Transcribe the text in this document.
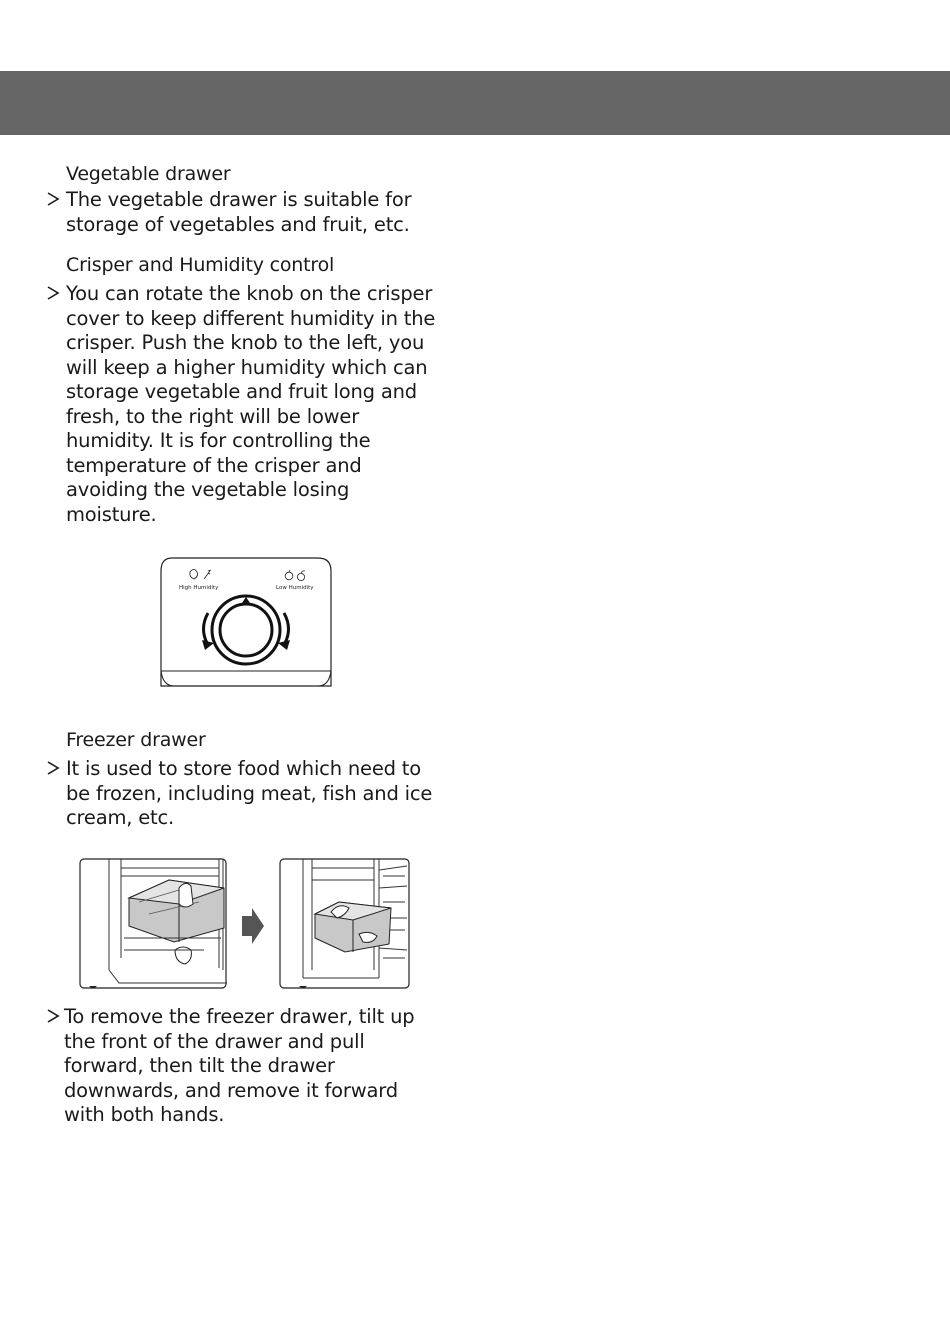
Vegetable drawer

The vegetable drawer is suitable for
storage of vegetables and fruit, etc.

Crisper and Humidity control

You can rotate the knob on the crisper
cover to keep different humidity in the
crisper. Push the knob to the left, you
will keep a higher humidity which can
storage vegetable and fruit long and
fresh, to the right will be lower
humidity. It is for controlling the
temperature of the crisper and
avoiding the vegetable losing
moisture.

High Humidity	Low Humidity
Freezer drawer

It is used to store food which need to
be frozen, including meat, fish and ice
cream, etc.

To remove the freezer drawer, tilt up
the front of the drawer and pull
forward, then tilt the drawer
downwards, and remove it forward
with both hands.
